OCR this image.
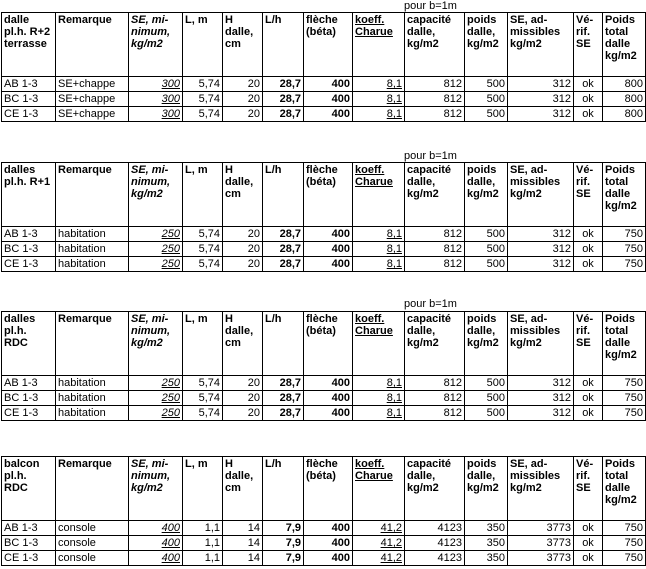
pour b=1m
dalle pl.h. R+2 terrasse	Remarque	SE, mi- nimum, kg/m2	L, m	H dalle, cm	L/h	flèche (béta)	koeff. Charue	capacité dalle, kg/m2	poids dalle, kg/m2	SE, ad- missibles kg/m2	Vé- rif. SE	Poids total dalle kg/m2
AB 1-3	SE+chappe	300	5,74	20	28,7	400	8,1	812	500	312	ok	800
BC 1-3	SE+chappe	300	5,74	20	28,7	400	8,1	812	500	312	ok	800
CE 1-3	SE+chappe	300	5,74	20	28,7	400	8,1	812	500	312	ok	800
pour b=1m
dalles pl.h. R+1	Remarque	SE, mi- nimum, kg/m2	L, m	H dalle, cm	L/h	flèche (béta)	koeff. Charue	capacité dalle, kg/m2	poids dalle, kg/m2	SE, ad- missibles kg/m2	Vé- rif. SE	Poids total dalle kg/m2
AB 1-3	habitation	250	5,74	20	28,7	400	8,1	812	500	312	ok	750
BC 1-3	habitation	250	5,74	20	28,7	400	8,1	812	500	312	ok	750
CE 1-3	habitation	250	5,74	20	28,7	400	8,1	812	500	312	ok	750
pour b=1m
dalles pl.h. RDC	Remarque	SE, mi- nimum, kg/m2	L, m	H dalle, cm	L/h	flèche (béta)	koeff. Charue	capacité dalle, kg/m2	poids dalle, kg/m2	SE, ad- missibles kg/m2	Vé- rif. SE	Poids total dalle kg/m2
AB 1-3	habitation	250	5,74	20	28,7	400	8,1	812	500	312	ok	750
BC 1-3	habitation	250	5,74	20	28,7	400	8,1	812	500	312	ok	750
CE 1-3	habitation	250	5,74	20	28,7	400	8,1	812	500	312	ok	750
balcon pl.h. RDC	Remarque	SE, mi- nimum, kg/m2	L, m	H dalle, cm	L/h	flèche (béta)	koeff. Charue	capacité dalle, kg/m2	poids dalle, kg/m2	SE, ad- missibles kg/m2	Vé- rif. SE	Poids total dalle kg/m2
AB 1-3	console	400	1,1	14	7,9	400	41,2	4123	350	3773	ok	750
BC 1-3	console	400	1,1	14	7,9	400	41,2	4123	350	3773	ok	750
CE 1-3	console	400	1,1	14	7,9	400	41,2	4123	350	3773	ok	750
